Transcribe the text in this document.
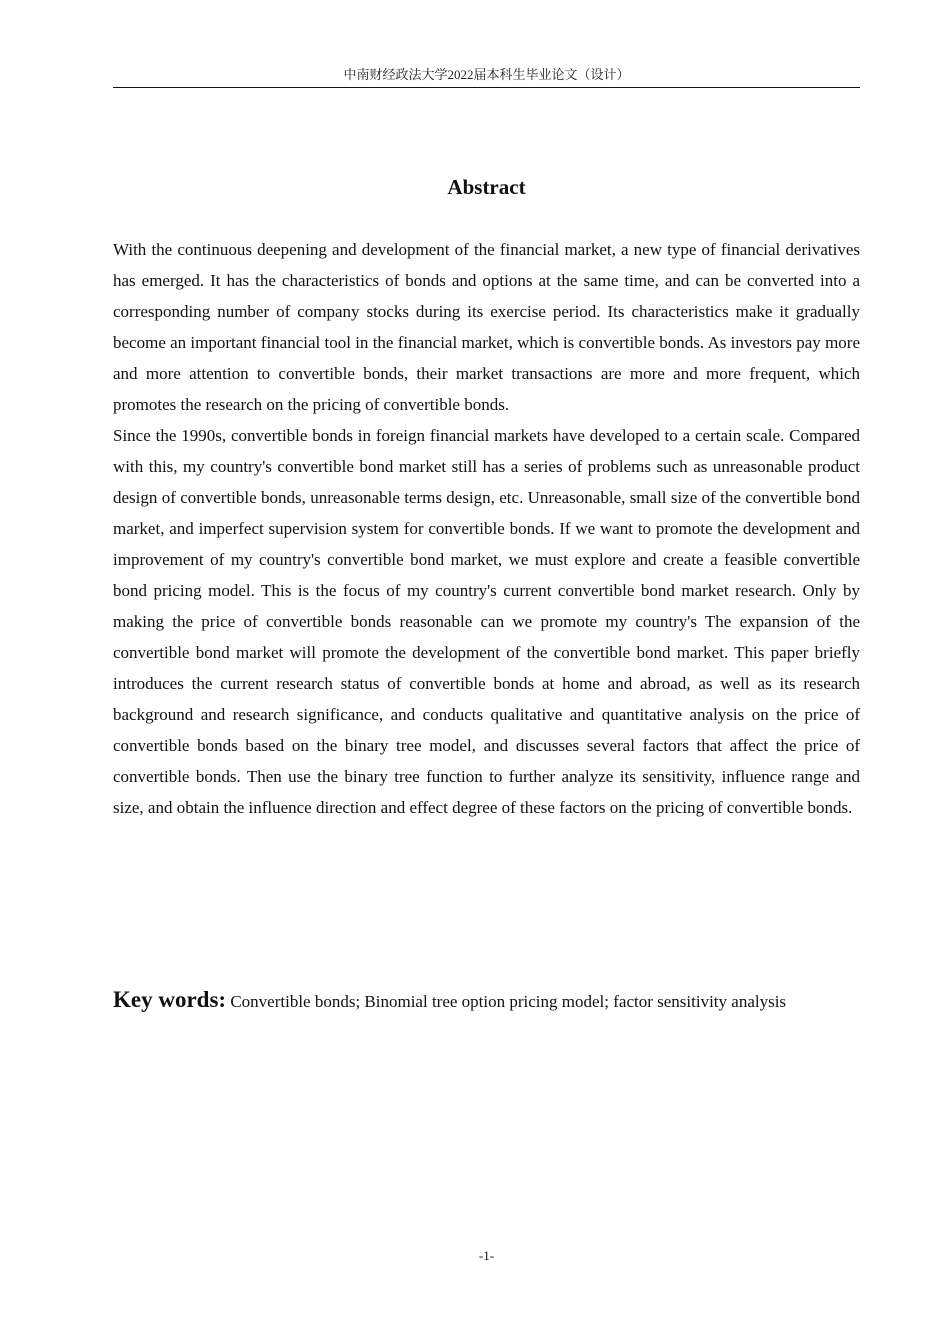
中南财经政法大学2022届本科生毕业论文（设计）
Abstract

With the continuous deepening and development of the financial market, a new type of financial derivatives has emerged. It has the characteristics of bonds and options at the same time, and can be converted into a corresponding number of company stocks during its exercise period. Its characteristics make it gradually become an important financial tool in the financial market, which is convertible bonds. As investors pay more and more attention to convertible bonds, their market transactions are more and more frequent, which promotes the research on the pricing of convertible bonds.

Since the 1990s, convertible bonds in foreign financial markets have developed to a certain scale. Compared with this, my country's convertible bond market still has a series of problems such as unreasonable product design of convertible bonds, unreasonable terms design, etc. Unreasonable, small size of the convertible bond market, and imperfect supervision system for convertible bonds. If we want to promote the development and improvement of my country's convertible bond market, we must explore and create a feasible convertible bond pricing model. This is the focus of my country's current convertible bond market research. Only by making the price of convertible bonds reasonable can we promote my country's The expansion of the convertible bond market will promote the development of the convertible bond market. This paper briefly introduces the current research status of convertible bonds at home and abroad, as well as its research background and research significance, and conducts qualitative and quantitative analysis on the price of convertible bonds based on the binary tree model, and discusses several factors that affect the price of convertible bonds. Then use the binary tree function to further analyze its sensitivity, influence range and size, and obtain the influence direction and effect degree of these factors on the pricing of convertible bonds.

Key words: Convertible bonds; Binomial tree option pricing model; factor sensitivity analysis
-1-
